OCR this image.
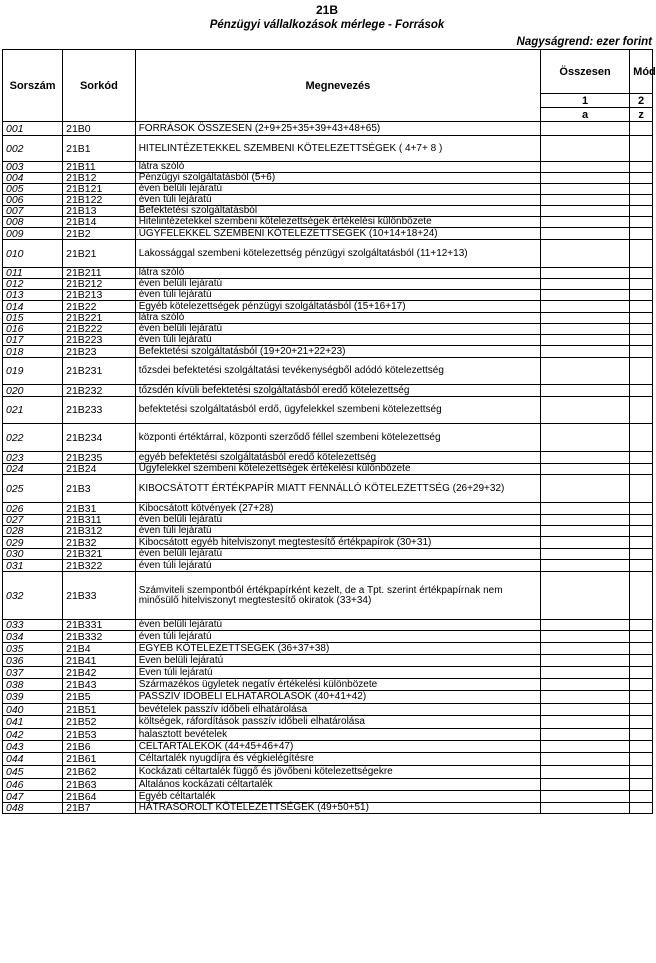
21B
Pénzügyi vállalkozások mérlege - Források
Nagyságrend: ezer forint
Sorszám	Sorkód	Megnevezés	Összesen	Mód
			1	2
			a	z
001	21B0	FORRÁSOK ÖSSZESEN (2+9+25+35+39+43+48+65)		
002	21B1	HITELINTÉZETEKKEL SZEMBENI KÖTELEZETTSÉGEK ( 4+7+ 8 )		
003	21B11	látra szóló		
004	21B12	Pénzügyi szolgáltatásból (5+6)		
005	21B121	éven belüli lejáratú		
006	21B122	éven túli lejáratú		
007	21B13	Befektetési szolgáltatásból		
008	21B14	Hitelintézetekkel szembeni kötelezettségek értékelési különbözete		
009	21B2	ÜGYFELEKKEL SZEMBENI KÖTELEZETTSÉGEK (10+14+18+24)		
010	21B21	Lakossággal szembeni kötelezettség pénzügyi szolgáltatásból (11+12+13)		
011	21B211	látra szóló		
012	21B212	éven belüli lejáratú		
013	21B213	éven túli lejáratú		
014	21B22	Egyéb kötelezettségek pénzügyi szolgáltatásból (15+16+17)		
015	21B221	látra szóló		
016	21B222	éven belüli lejáratú		
017	21B223	éven túli lejáratú		
018	21B23	Befektetési szolgáltatásból (19+20+21+22+23)		
019	21B231	tőzsdei befektetési szolgáltatási tevékenységből adódó kötelezettség		
020	21B232	tőzsdén kívüli befektetési szolgáltatásból eredő kötelezettség		
021	21B233	befektetési szolgáltatásból erdő, ügyfelekkel szembeni kötelezettség		
022	21B234	központi értéktárral, központi szerződő féllel szembeni kötelezettség		
023	21B235	egyéb befektetési szolgáltatásból eredő kötelezettség		
024	21B24	Ügyfelekkel szembeni kötelezettségek értékelési különbözete		
025	21B3	KIBOCSÁTOTT ÉRTÉKPAPÍR MIATT FENNÁLLÓ KÖTELEZETTSÉG (26+29+32)		
026	21B31	Kibocsátott kötvények (27+28)		
027	21B311	éven belüli lejáratú		
028	21B312	éven túli lejáratú		
029	21B32	Kibocsátott egyéb hitelviszonyt megtestesítő értékpapírok (30+31)		
030	21B321	éven belüli lejáratú		
031	21B322	éven túli lejáratú		
032	21B33	Számviteli szempontból értékpapírként kezelt, de a Tpt. szerint értékpapírnak nem minősülő hitelviszonyt megtestesítő okiratok (33+34)		
033	21B331	éven belüli lejáratú		
034	21B332	éven túli lejáratú		
035	21B4	EGYÉB KÖTELEZETTSÉGEK (36+37+38)		
036	21B41	Éven belüli lejáratú		
037	21B42	Éven túli lejáratú		
038	21B43	Származékos ügyletek negatív értékelési különbözete		
039	21B5	PASSZÍV IDŐBELI ELHATÁROLÁSOK (40+41+42)		
040	21B51	bevételek passzív időbeli elhatárolása		
041	21B52	költségek, ráfordítások passzív időbeli elhatárolása		
042	21B53	halasztott bevételek		
043	21B6	CÉLTARTALÉKOK (44+45+46+47)		
044	21B61	Céltartalék nyugdíjra és végkielégítésre		
045	21B62	Kockázati céltartalék függő és jövőbeni kötelezettségekre		
046	21B63	Általános kockázati céltartalék		
047	21B64	Egyéb céltartalék		
048	21B7	HÁTRASOROLT KÖTELEZETTSÉGEK (49+50+51)		
